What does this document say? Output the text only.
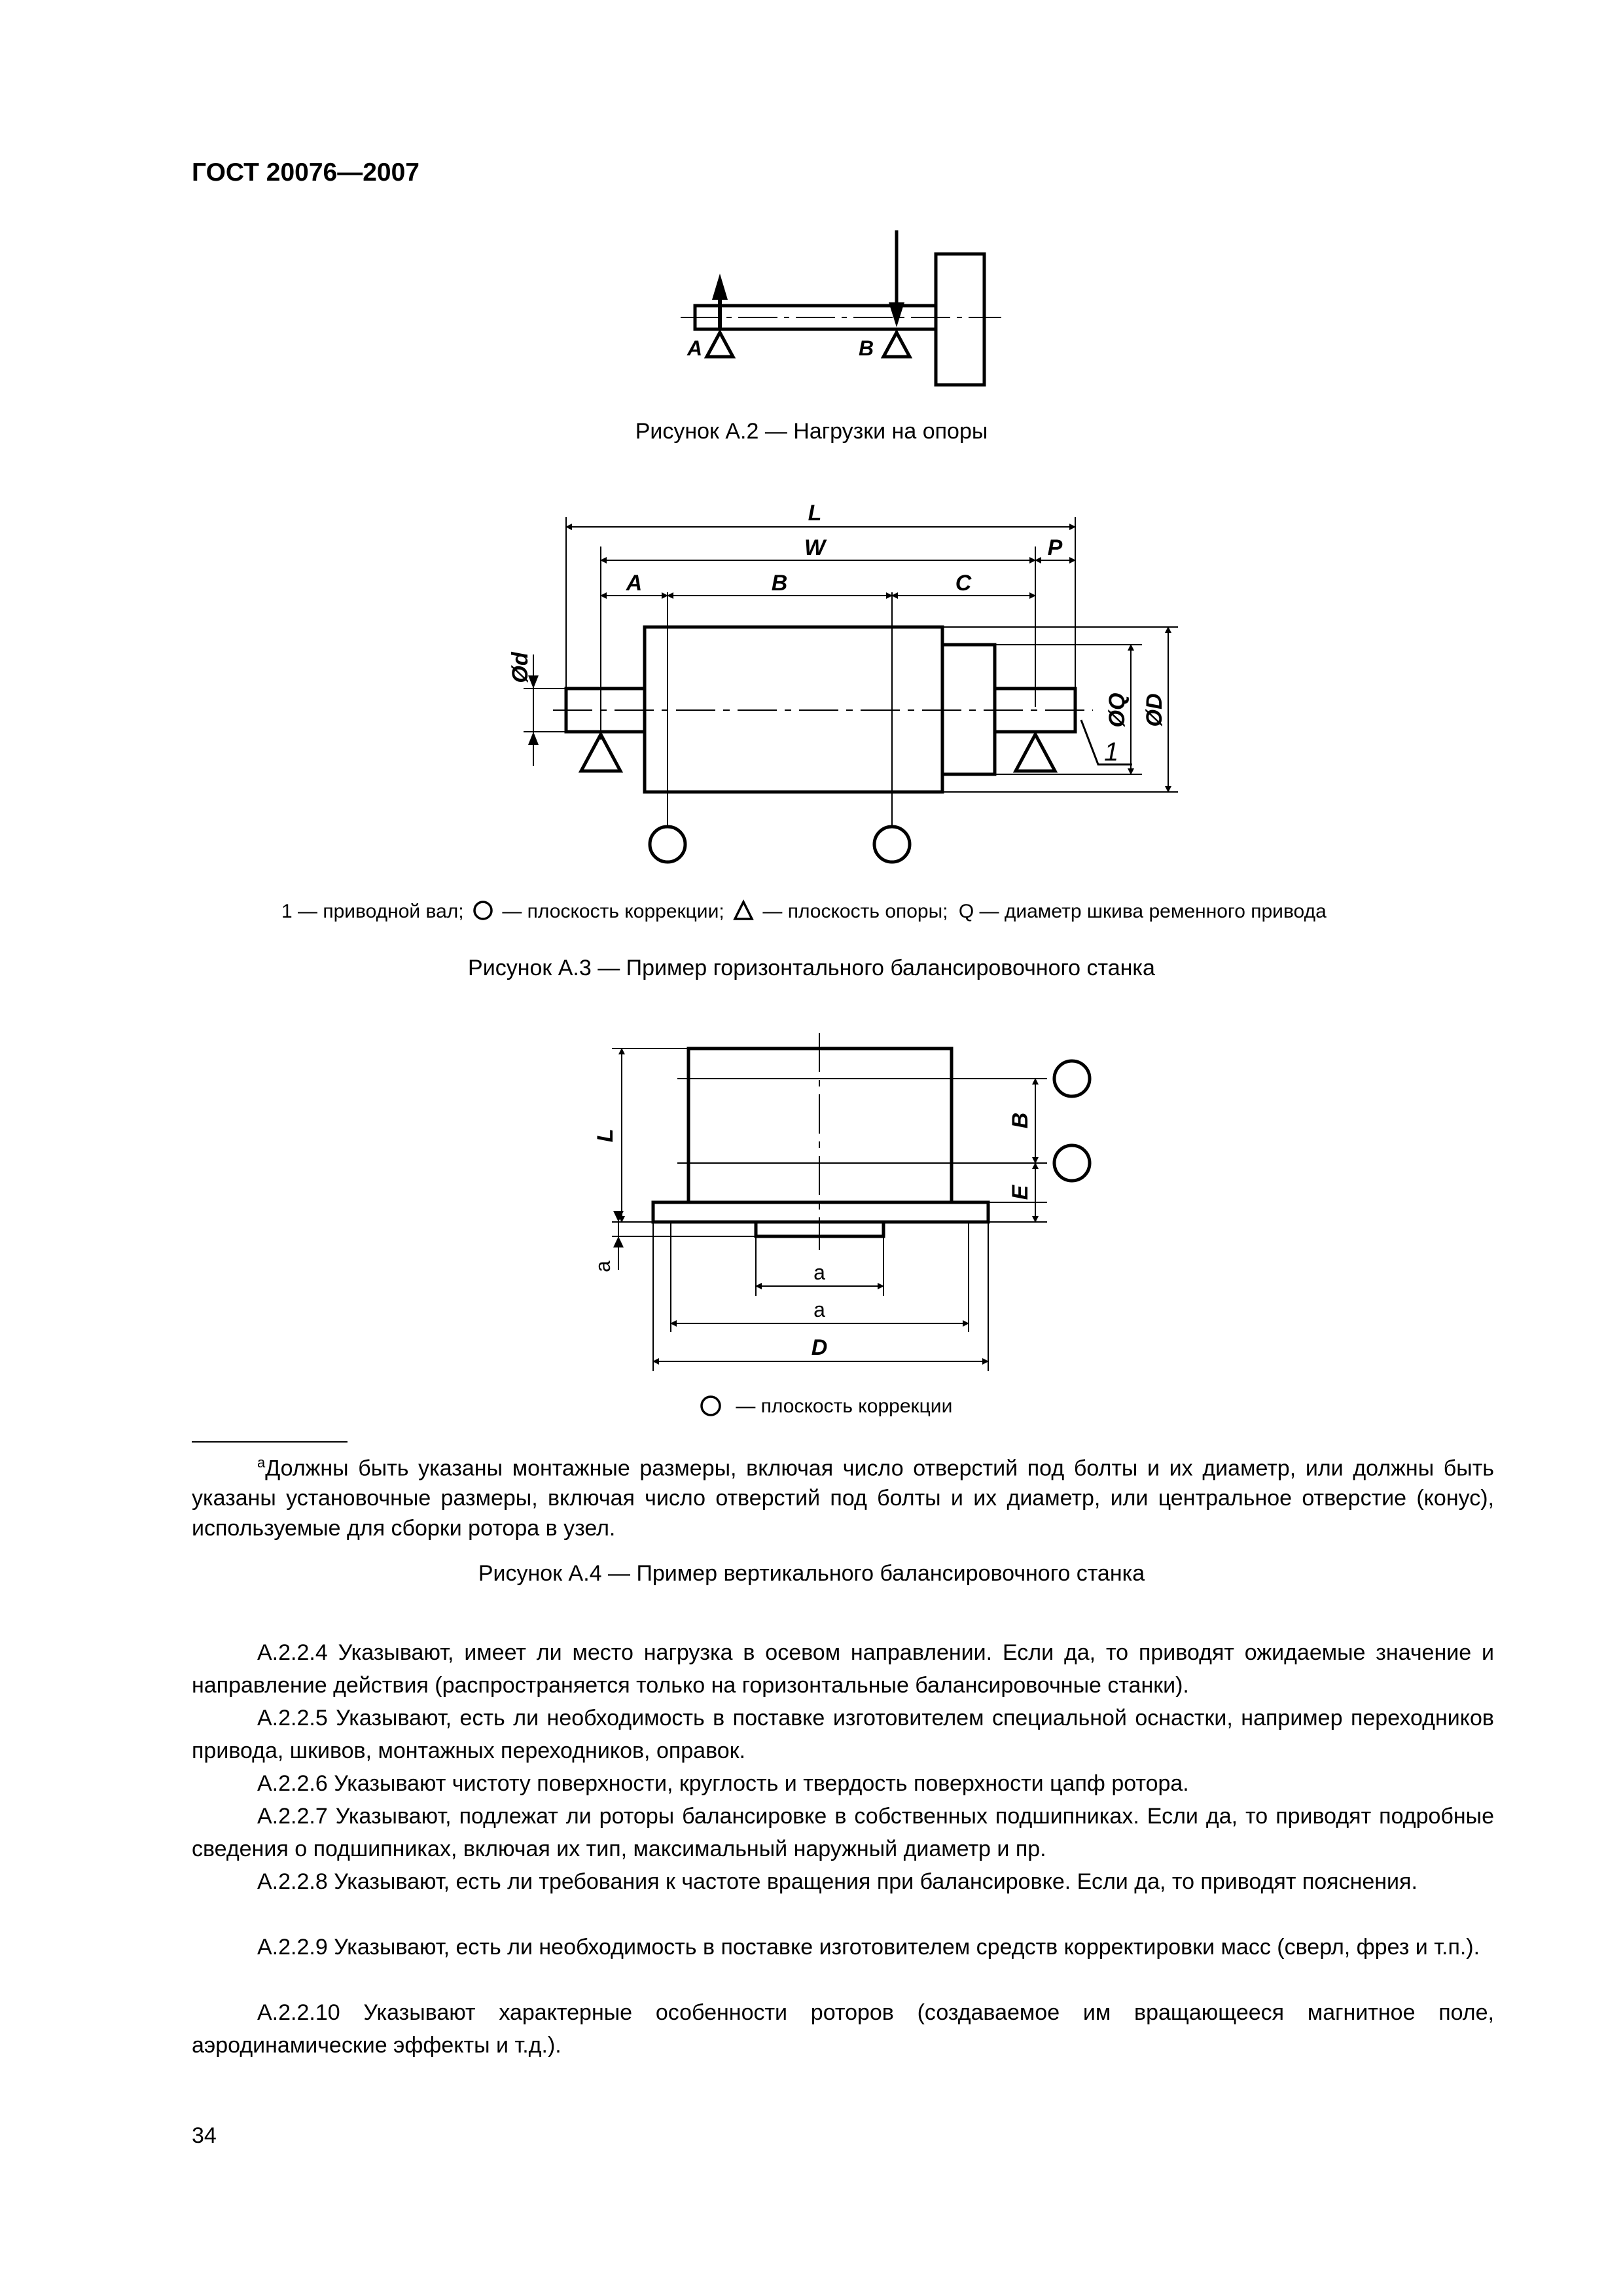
ГОСТ 20076—2007
A	B
Рисунок А.2 — Нагрузки на опоры
L
W	P
A	B	C
Ød
ØQ ØD
1
1 — приводной вал; — плоскость коррекции; — плоскость опоры; Q — диаметр шкива ременного привода
Рисунок А.3 — Пример горизонтального балансировочного станка
L
B
E
a	a
a
D
— плоскость коррекции

$^a$Должны быть указаны монтажные размеры, включая число отверстий под болты и их диаметр, или должны быть указаны установочные размеры, включая число отверстий под болты и их диаметр, или центральное отверстие (конус), используемые для сборки ротора в узел.

Рисунок А.4 — Пример вертикального балансировочного станка

А.2.2.4 Указывают, имеет ли место нагрузка в осевом направлении. Если да, то приводят ожидаемые значение и направление действия (распространяется только на горизонтальные балансировочные станки).

А.2.2.5 Указывают, есть ли необходимость в поставке изготовителем специальной оснастки, например переходников привода, шкивов, монтажных переходников, оправок.

А.2.2.6 Указывают чистоту поверхности, круглость и твердость поверхности цапф ротора.

А.2.2.7 Указывают, подлежат ли роторы балансировке в собственных подшипниках. Если да, то приводят подробные сведения о подшипниках, включая их тип, максимальный наружный диаметр и пр.

А.2.2.8 Указывают, есть ли требования к частоте вращения при балансировке. Если да, то приводят пояснения.

А.2.2.9 Указывают, есть ли необходимость в поставке изготовителем средств корректировки масс (сверл, фрез и т.п.).

А.2.2.10 Указывают характерные особенности роторов (создаваемое им вращающееся магнитное поле, аэродинамические эффекты и т.д.).

34
